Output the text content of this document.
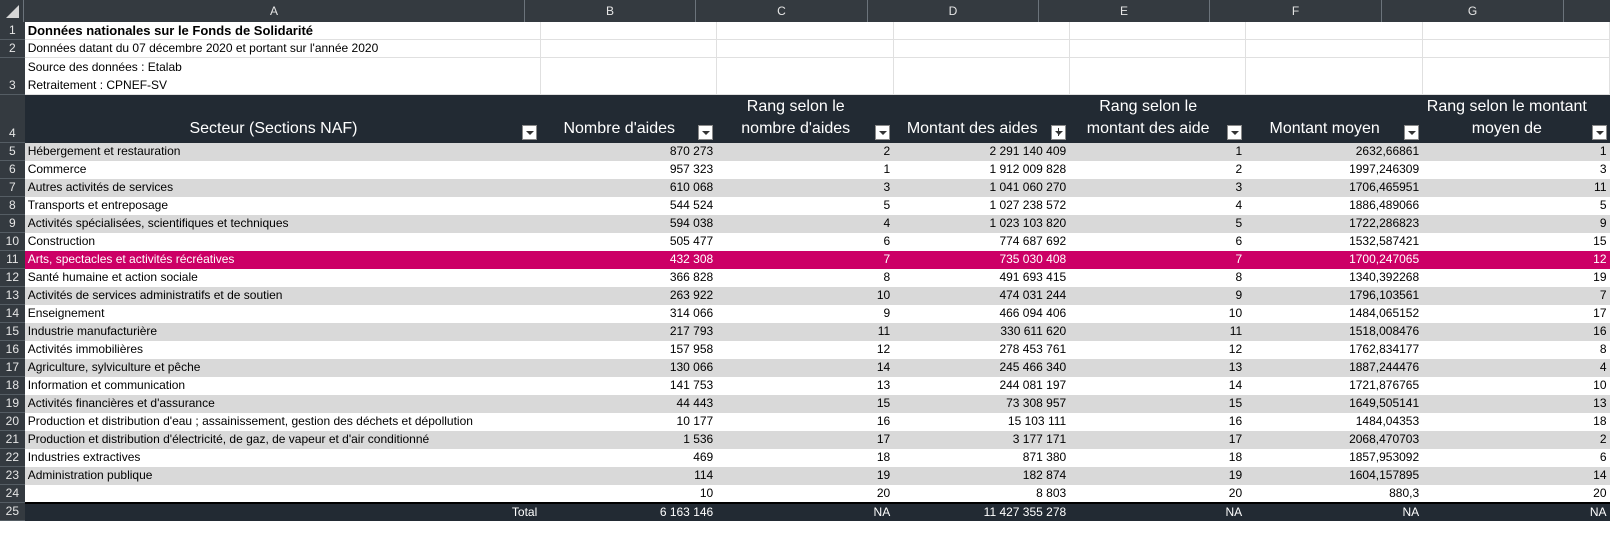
A	B	C	D	E	F	G
1	Données nationales sur le Fonds de Solidarité						
2	Données datant du 07 décembre 2020 et portant sur l'année 2020						
3	Source des données : Etalab
Retraitement : CPNEF-SV						

4	Secteur (Sections NAF)	Nombre d'aides	Rang selon le nombre d'aides	Montant des aides	Rang selon le montant des aide	Montant moyen	Rang selon le montant moyen de

5	Hébergement et restauration	870 273	2	2 291 140 409	1	2632,66861	1
6	Commerce	957 323	1	1 912 009 828	2	1997,246309	3
7	Autres activités de services	610 068	3	1 041 060 270	3	1706,465951	11
8	Transports et entreposage	544 524	5	1 027 238 572	4	1886,489066	5
9	Activités spécialisées, scientifiques et techniques	594 038	4	1 023 103 820	5	1722,286823	9
10	Construction	505 477	6	774 687 692	6	1532,587421	15
11	Arts, spectacles et activités récréatives	432 308	7	735 030 408	7	1700,247065	12
12	Santé humaine et action sociale	366 828	8	491 693 415	8	1340,392268	19
13	Activités de services administratifs et de soutien	263 922	10	474 031 244	9	1796,103561	7
14	Enseignement	314 066	9	466 094 406	10	1484,065152	17
15	Industrie manufacturière	217 793	11	330 611 620	11	1518,008476	16
16	Activités immobilières	157 958	12	278 453 761	12	1762,834177	8
17	Agriculture, sylviculture et pêche	130 066	14	245 466 340	13	1887,244476	4
18	Information et communication	141 753	13	244 081 197	14	1721,876765	10
19	Activités financières et d'assurance	44 443	15	73 308 957	15	1649,505141	13
20	Production et distribution d'eau ; assainissement, gestion des déchets et dépollution	10 177	16	15 103 111	16	1484,04353	18
21	Production et distribution d'électricité, de gaz, de vapeur et d'air conditionné	1 536	17	3 177 171	17	2068,470703	2
22	Industries extractives	469	18	871 380	18	1857,953092	6
23	Administration publique	114	19	182 874	19	1604,157895	14
24		10	20	8 803	20	880,3	20
25	Total	6 163 146	NA	11 427 355 278	NA	NA	NA
